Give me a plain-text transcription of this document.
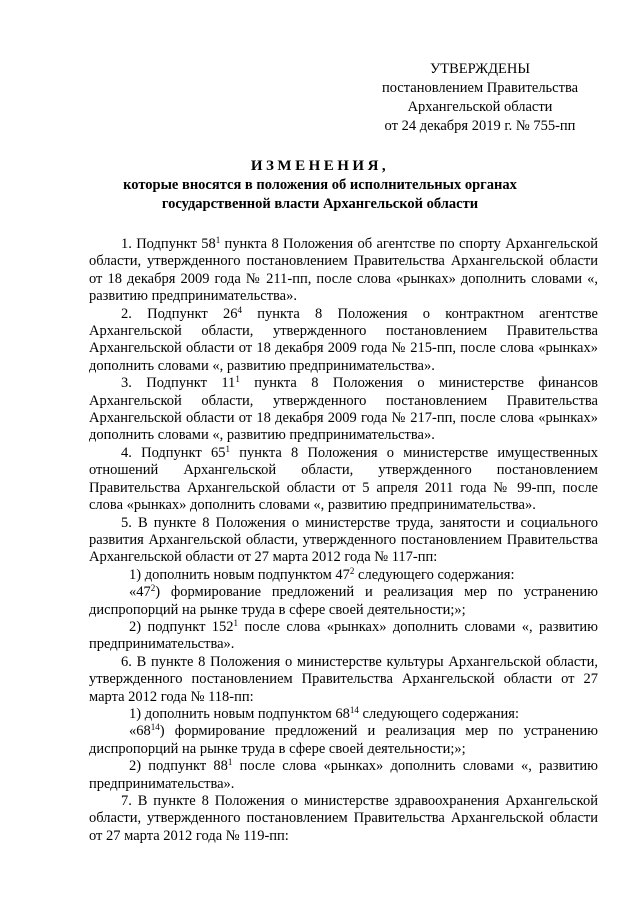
УТВЕРЖДЕНЫ
постановлением Правительства
Архангельской области
от 24 декабря 2019 г. № 755-пп
ИЗМЕНЕНИЯ,
которые вносятся в положения об исполнительных органах
государственной власти Архангельской области

1. Подпункт $58^1$ пункта 8 Положения об агентстве по спорту Архангельской области, утвержденного постановлением Правительства Архангельской области от 18 декабря 2009 года № 211-пп, после слова «рынках» дополнить словами «, развитию предпринимательства».

2. Подпункт $26^4$ пункта 8 Положения о контрактном агентстве Архангельской области, утвержденного постановлением Правительства Архангельской области от 18 декабря 2009 года № 215-пп, после слова «рынках» дополнить словами «, развитию предпринимательства».

3. Подпункт $11^1$ пункта 8 Положения о министерстве финансов Архангельской области, утвержденного постановлением Правительства Архангельской области от 18 декабря 2009 года № 217-пп, после слова «рынках» дополнить словами «, развитию предпринимательства».

4. Подпункт $65^1$ пункта 8 Положения о министерстве имущественных отношений Архангельской области, утвержденного постановлением Правительства Архангельской области от 5 апреля 2011 года № 99-пп, после слова «рынках» дополнить словами «, развитию предпринимательства».

5. В пункте 8 Положения о министерстве труда, занятости и социального развития Архангельской области, утвержденного постановлением Правительства Архангельской области от 27 марта 2012 года № 117-пп:

1) дополнить новым подпунктом $47^2$ следующего содержания:

«$47^2$) формирование предложений и реализация мер по устранению диспропорций на рынке труда в сфере своей деятельности;»;

2) подпункт $152^1$ после слова «рынках» дополнить словами «, развитию предпринимательства».

6. В пункте 8 Положения о министерстве культуры Архангельской области, утвержденного постановлением Правительства Архангельской области от 27 марта 2012 года № 118-пп:

1) дополнить новым подпунктом $68^{14}$ следующего содержания:

«$68^{14}$) формирование предложений и реализация мер по устранению диспропорций на рынке труда в сфере своей деятельности;»;

2) подпункт $88^1$ после слова «рынках» дополнить словами «, развитию предпринимательства».

7. В пункте 8 Положения о министерстве здравоохранения Архангельской области, утвержденного постановлением Правительства Архангельской области от 27 марта 2012 года № 119-пп:
